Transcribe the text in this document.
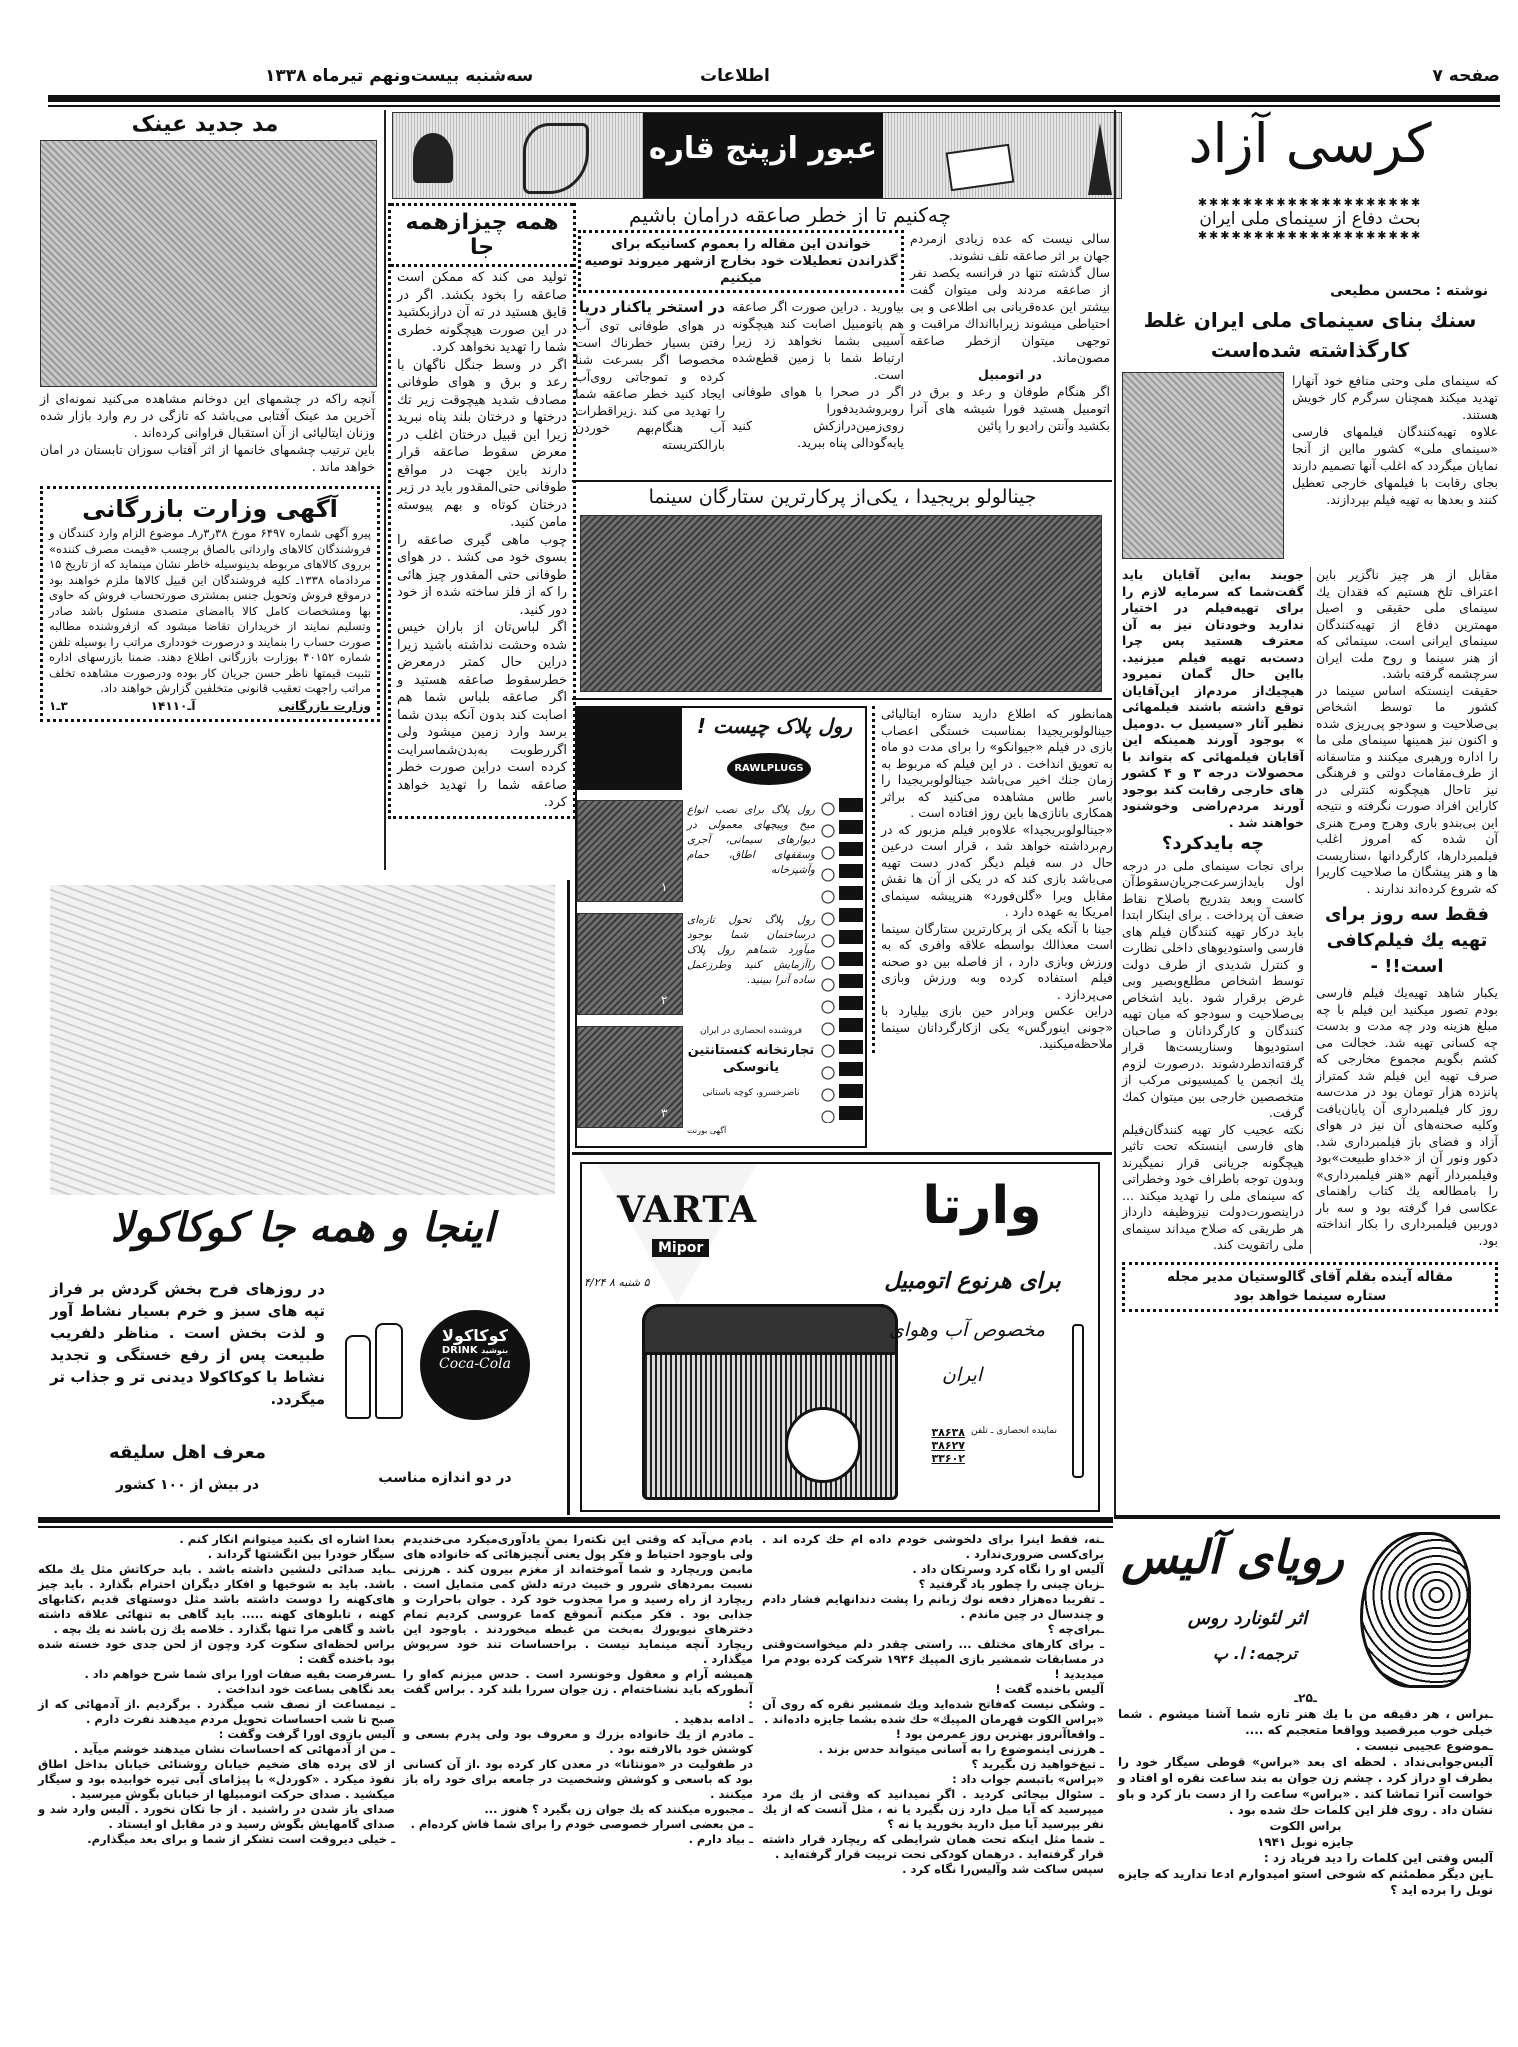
صفحه ۷
اطلاعات
سه‌شنبه بیست‌ونهم تیرماه ۱۳۳۸
مد جدید عینک
آنچه راکه در چشمهای این دوخانم مشاهده می‌کنید نمونه‌ای از آخرین مد عینک آفتابی می‌باشد که تازگی در رم وارد بازار شده وزنان ایتالیائی از آن استقبال فراوانی کرده‌اند .
باین ترتیب چشمهای خانمها از اثر آفتاب سوزان تابستان در امان خواهد ماند .
آگهی وزارت بازرگانی
پیرو آگهی شماره ۶۴۹۷ مورخ ۳۸ر۳ر۸ـ موضوع الزام وارد کنندگان و فروشندگان کالاهای وارداتی بالصاق برچسب «قیمت مصرف کننده» برروی کالاهای مربوطه بدینوسیله خاطر نشان مینماید که از تاریخ ۱۵ مردادماه ۱۳۳۸ـ کلیه فروشندگان این قبیل کالاها ملزم خواهند بود درموقع فروش وتحویل جنس بمشتری صورتحساب فروش که حاوی بها ومشخصات کامل کالا باامضای متصدی مسئول باشد صادر وتسلیم نمایند از خریداران تقاضا میشود که ازفروشنده مطالبه صورت حساب را بنمایند و درصورت خودداری مراتب را بوسیله تلفن شماره ۴۰۱۵۲ بوزارت بازرگانی اطلاع دهند. ضمنا بازرسهای اداره تثبیت قیمتها ناظر حسن جریان کار بوده ودرصورت مشاهده تخلف مراتب راجهت تعقیب قانونی متخلفین گزارش خواهند داد.
وزارت بازرگانی
آـ۱۴۱۱۰
۳ـ۱
عبور ازپنج قاره
همه چیزازهمه جا
تولید می کند که ممکن است صاعقه را بخود بکشد. اگر در قایق هستید در ته آن درازبکشید در این صورت هیچگونه خطری شما را تهدید نخواهد کرد.
اگر در وسط جنگل ناگهان با رعد و برق و هوای طوفانی مصادف شدید هیچوقت زیر تك درختها و درختان بلند پناه نبرید زیرا این قبیل درختان اغلب در معرض سقوط صاعقه قرار دارند باین جهت در مواقع طوفانی حتی‌المقدور باید در زیر درختان کوتاه و بهم پیوسته مامن کنید.
چوب ماهی گیری صاعقه را بسوی خود می کشد . در هوای طوفانی حتی المقدور چیز هائی را که از فلز ساخته شده از خود دور کنید.
اگر لباس‌تان از باران خیس شده وحشت نداشته باشید زیرا دراین حال کمتر درمعرض خطرسقوط صاعقه هستید و اگر صاعقه بلباس شما هم اصابت کند بدون آنکه ببدن شما برسد وارد زمین میشود ولی اگررطوبت به‌بدن‌شماسرایت کرده است دراین صورت خطر صاعقه شما را تهدید خواهد کرد.
چه‌کنیم تا از خطر صاعقه درامان باشیم
خواندن این مقاله را بعموم کسانیکه برای گذراندن تعطیلات خود بخارج ازشهر میروند توصیه میکنیم
سالی نیست که عده زیادی ازمردم جهان بر اثر صاعقه تلف نشوند.
سال گذشته تنها در فرانسه یکصد نفر از صاعقه مردند ولی میتوان گفت بیشتر این عده‌قربانی بی اطلاعی و بی احتیاطی میشوند زیراباانداك مراقبت و توجهی میتوان ازخطر صاعقه مصون‌ماند.
در اتومبیل
اگر هنگام طوفان و رعد و برق در اتومبیل هستید فورا شیشه های آنرا بکشید وآنتن رادیو را پائین
بیاورید . دراین صورت اگر صاعقه هم باتومبیل اصابت کند هیچگونه آسیبی بشما نخواهد زد زیرا ارتباط شما با زمین قطع‌شده است.
اگر در صحرا با هوای طوفانی روبروشدیدفورا روی‌زمین‌درازکش کنید یابه‌گودالی پناه ببرید.
در استخر یاکنار دریا
در هوای طوفانی توی آب رفتن بسیار خطرناك است مخصوصا اگر بسرعت شنا کرده و تموجاتی روی‌آب ایجاد کنید خطر صاعقه شما را تهدید می کند .زیراقطرات آب هنگام‌بهم خوردن بارالکتریسته
جینالولو بریجیدا ، یکی‌از پرکارترین ستارگان سینما
همانطور که اطلاع دارید ستاره ایتالیائی جینالولوبریجیدا بمناسبت خستگی اعصاب بازی در فیلم «جیوانکو» را برای مدت دو ماه به تعویق انداخت . در این فیلم که مربوط به زمان جنك اخیر می‌باشد جینالولوبریجیدا را باسر طاس مشاهده می‌کنید که براثر همکاری بانازی‌ها باین روز افتاده است .
«جینالولوبریجیدا» علاوه‌بر فیلم مزبور که در رم‌برداشته خواهد شد ، قرار است درعین حال در سه فیلم دیگر که‌در دست تهیه می‌باشد بازی کند که در یکی از آن ها نقش مقابل ویرا «گلن‌فورد» هنرپیشه سینمای امریکا به عهده دارد .
جینا با آنکه یکی از پرکارترین ستارگان سینما است معذالك بواسطه علاقه وافری که به ورزش وبازی دارد ، از فاصله بین دو صحنه فیلم استفاده کرده وبه ورزش وبازی می‌پردازد .
دراین عکس وبرادر حین بازی بیلیارد با «جونی اینورگس» یکی ازکارگردانان سینما ملاحظه‌میکنید.
رول پلاک چیست !
RAWLPLUGS
۱
۲
۳
رول پلاگ برای نصب انواع میخ وپیچهای معمولی در دیوارهای سیمانی، آجری وسقفهای اطاق، حمام وآشپزخانه
رول پلاگ تحول تازه‌ای درساختمان شما بوجود میآورد شماهم رول پلاک راآزمایش کنید وطرزعمل ساده آنرا ببینید.
فروشنده انحصاری در ایران
تجارتخانه کنستانتین یانوسکی
ناصرخسرو، کوچه باستانی
آگهی بورنت
VARTA
Mipor
۵ شنبه ۸ ۴/۲۴
وارتا
برای هرنوع اتومبیل
مخصوص آب وهوای
ایران
نماینده انحصاری ـ تلفن
۳۸۶۳۸
۳۸۶۲۷
۳۳۶۰۲
اینجا و همه جا کوکاکولا
در روزهای فرح بخش گردش بر فراز تپه های سبز و خرم بسیار نشاط آور و لذت بخش است . مناظر دلفریب طبیعت پس از رفع خستگی و تجدید نشاط با کوکاکولا دیدنی تر و جذاب تر میگردد.
معرف اهل سلیقه
در بیش از ۱۰۰ کشور
کوکاکولا
DRINK بنوشید
Coca-Cola
در دو اندازه مناسب
کرسی آزاد
✱✱✱✱✱✱✱✱✱✱✱✱✱✱✱✱✱✱✱✱
بحث دفاع از سینمای ملی ایران
✱✱✱✱✱✱✱✱✱✱✱✱✱✱✱✱✱✱✱✱
نوشته : محسن مطیعی
سنك بنای سینمای ملی ایران غلط کارگذاشته شده‌است
که سینمای ملی وحتی منافع خود آنهارا تهدید میکند همچنان سرگرم کار خویش هستند.
علاوه‌ تهیه‌کنندگان فیلمهای فارسی «سینمای ملی» کشور مااین از آنجا نمایان میگردد که اغلب آنها تصمیم دارند بجای رقابت با فیلمهای خارجی تعطیل کنند و بعدها به تهیه فیلم بپردازند.
مقابل از هر چیز ناگزیر باین اعتراف تلخ هستیم که فقدان یك‌ سینمای ملی حقیقی و اصیل مهمترین دفاع از تهیه‌کنندگان سینمای ایرانی است. سینمائی که ‌از ‌هنر‌ سینما و روح ملت ایران سرچشمه گرفته باشد.
حقیقت اینستکه اساس سینما در کشور ما توسط اشخاص بی‌صلاحیت و سودجو پی‌ریزی شده و اکنون نیز همینها سینمای ملی ما را اداره ورهبری میکنند و متاسفانه از طرف‌مقامات دولتی و فرهنگی نیز تاحال هیچگونه کنترلی در کاراین افراد صورت نگرفته و نتیجه این بی‌بندو باری وهرج ومرج هنری آن شده که امروز اغلب فیلمبردارها، کارگردانها ،سناریست ها و هنر پیشگان ما صلاحیت کاریرا که شروع کرده‌اند ندارند .
فقط سه روز برای تهیه یك فیلم‌کافی است!! -
یکبار شاهد تهیه‌یك فیلم فارسی بودم تصور میکنید این فیلم با چه مبلغ هزینه ودر چه مدت و بدست چه کسانی تهیه شد. خجالت می کشم بگویم مجموع مخارجی که صرف تهیه این فیلم شد کمتراز پانزده هزار تومان بود در مدت‌سه روز کار فیلمبرداری آن پایان‌یافت وکلیه صحنه‌های آن نیز در هوای آزاد و فضای باز فیلمبرداری شد. دکور ونور آن از «خداو طبیعت»بود وفیلمبردار آنهم «هنر فیلمبرداری» را بامطالعه یك کتاب راهنمای عکاسی فرا گرفته بود و سه بار دوربین فیلمبرداری را بکار انداخته بود.
جویند به‌این آقایان باید گفت‌شما که سرمایه لازم را برای تهیه‌فیلم در اختیار ندارید وخودتان نیز به آن معترف هستید پس چرا دست‌به تهیه فیلم میزنید. بااین حال گمان نمیرود هیچیك‌از مردم‌از این‌آقایان توقع داشته باشند فیلمهائی نظیر آثار «سیسیل ب .دومیل » بوجود آورند همینکه این آقایان فیلمهائی که بتواند با محصولات درجه ۳ و ۴ کشور های خارجی رقابت کند بوجود آورند مردم‌راضی وخوشنود خواهند شد .
چه بایدکرد؟
برای نجات سینمای ملی در درجه اول بایدازسرعت‌جریان‌سقوط‌آن کاست وبعد بتدریج باصلاح نقاط ضعف آن پرداخت . برای اینکار ابتدا باید درکار تهیه کنندگان فیلم های فارسی واستودیوهای داخلی نظارت و کنترل شدیدی از طرف دولت توسط اشخاص مطلع‌وبصیر وبی غرض برقرار شود .باید اشخاص بی‌صلاحیت و سودجو که میان تهیه کنندگان و کارگردانان و صاحبان استودیوها وسناریست‌ها قرار گرفته‌اندطردشوند .درصورت لزوم یك انجمن یا کمیسیونی مرکب از متخصصین خارجی بین میتوان کمك گرفت.
نکته عجیب کار تهیه کنندگان‌فیلم های فارسی اینستکه تحت تاثیر هیچگونه جریانی قرار نمیگیرند وبدون توجه باطراف خود وخطراتی که سینمای ملی را تهدید میکند ... دراینصورت‌دولت نیزوظیفه دارداز هر طریقی که صلاح میداند سینمای ملی راتقویت کند.
مقاله آینده بقلم آقای گالوستیان مدیر مجله ستاره سینما خواهد بود
رویای آلیس
اثر لئونارد روس
ترجمه: ا. پ
ـ۲۵ـ
ـبراس ، هر دقیقه من با یك هنر تازه شما آشنا میشوم . شما خیلی خوب میرقصید وواقعا متعجبم که ....
ـموضوع عجیبی نیست .
آلیس‌جوابی‌نداد . لحظه ای بعد «براس» قوطی سیگار خود را بطرف او دراز کرد . چشم زن جوان به بند ساعت نقره او افتاد و خواست آنرا تماشا کند . «براس» ساعت را از دست باز کرد و باو نشان داد . روی فلز این کلمات حك شده بود .
براس الکوت
جایزه نوبل ۱۹۴۱
آلیس وقتی این کلمات را دید فریاد زد :
ـاین دیگر مطمئنم که شوخی استو امیدوارم ادعا ندارید که جایزه نوبل را برده اید ؟
ـنه، فقط اینرا برای دلخوشی خودم داده ام حك کرده اند . برای‌کسی ضروری‌ندارد .
آلیس او را نگاه کرد وسرتکان داد .
ـزبان چینی را چطور یاد گرفتید ؟
ـ تقریبا ده‌هزار دفعه نوك زبانم را پشت دندانهایم فشار دادم و چندسال در چین ماندم .
ـبرای‌چه ؟
ـ برای کارهای مختلف ... راستی چقدر دلم میخواست‌وقتی در مسابقات شمشیر بازی المپیك ۱۹۳۶ شرکت کرده بودم مرا میدیدید !
آلیس باخنده گفت !
ـ وشکی نیست که‌فاتح شده‌اید ویك شمشیر نقره که روی آن «براس الکوت قهرمان المپیك» حك شده بشما جایزه داده‌اند .
ـ واقعاآنروز بهترین روز عمرمن بود !
ـ هرزنی اینموضوع را به آسانی میتواند حدس بزند .
ـ تیغ‌خواهید زن بگیرید ؟
«براس» باتبسم جواب داد :
ـ سئوال بیجائی کردید . اگر نمیدانید که وقتی از یك مرد میپرسید که آیا میل دارد زن بگیرد یا نه ، مثل آنست که از یك نفر بپرسید آیا میل دارید بخورید یا نه ؟
ـ شما مثل اینکه تحت همان شرایطی که ریچارد قرار داشته قرار گرفته‌اید . درهمان کودکی تحت تربیت قرار گرفته‌اید .
سپس ساکت شد وآلیس‌را نگاه کرد .
یادم می‌آید که وقتی این نکته‌را بمن یادآوری‌میکرد می‌خندیدم ولی باوجود احتیاط و فکر پول یعنی آنچیزهائی که خانواده های مابمن وریچارد و شما آموخته‌اند از مغزم بیرون کند . هرزنی نسبت بمردهای شرور و خبیث درته دلش کمی متمایل است . ریچارد از راه رسید و مرا مجذوب خود کرد . جوان باحرارت و جذابی بود . فکر میکنم آنموقع که‌ما عروسی کردیم تمام دخترهای نیویورك به‌بخت من غبطه میخوردند . باوجود این ریچارد آنچه مینماید نیست . براحساسات تند خود سرپوش میگذارد .
همیشه آرام و معقول وخونسرد است . حدس میزنم که‌او را آنطورکه باید نشناخته‌ام . زن جوان سررا بلند کرد . براس گفت :
ـ ادامه بدهید .
ـ مادرم از یك خانواده بزرك و معروف بود ولی پدرم بسعی و کوشش خود بالارفته بود .
در طفولیت در «مونتانا» در معدن کار کرده بود .از آن کسانی بود که باسعی و کوشش وشخصیت در جامعه برای خود راه باز میکنند .
ـ مجبوره میکنند که یك جوان زن بگیرد ؟ هنوز ...
ـ من بعضی اسرار خصوصی خودم را برای شما فاش کرده‌ام .
ـ بیاد دارم .
بعدا اشاره ای بکنید میتوانم انکار کنم .
سیگار خودرا بین انگشتها گرداند .
ـباید صدائی دلنشین داشته باشد . باید حرکاتش مثل یك ملکه باشد. باید به شوخیها و افکار دیگران احترام بگذارد . باید چیز های‌کهنه را دوست داشته باشد مثل دوستهای قدیم ،کتابهای کهنه ، تابلوهای کهنه ..... باید گاهی به تنهائی علاقه داشته باشد و گاهی مرا تنها بگذارد . خلاصه یك زن باشد نه یك بچه .
براس لحظه‌ای سکوت کرد وچون از لحن جدی خود خسته شده بود باخنده گفت :
ـسرفرصت بقیه صفات اورا برای شما شرح خواهم داد .
بعد نگاهی بساعت خود انداخت .
ـ نیمساعت از نصف شب میگذرد . برگردیم .از آدمهائی که از صبح تا شب احساسات تحویل مردم میدهند نفرت دارم .
آلیس بازوی اورا گرفت وگفت :
ـ من از آدمهائی که احساسات نشان میدهند خوشم میآید .
از لای پرده های ضخیم خیابان روشنائی خیابان بداخل اطاق نفوذ میکرد . «کوردل» با پیژامای آبی تیره خوابیده بود و سیگار میکشید . صدای حرکت اتومبیلها از خیابان بگوش میرسید .
صدای باز شدن در راشنید . از جا تکان نخورد . آلیس وارد شد و صدای گامهایش بگوش رسید و در مقابل او ایستاد .
ـ خیلی دیروقت است تشکر از شما و برای بعد میگذارم.
